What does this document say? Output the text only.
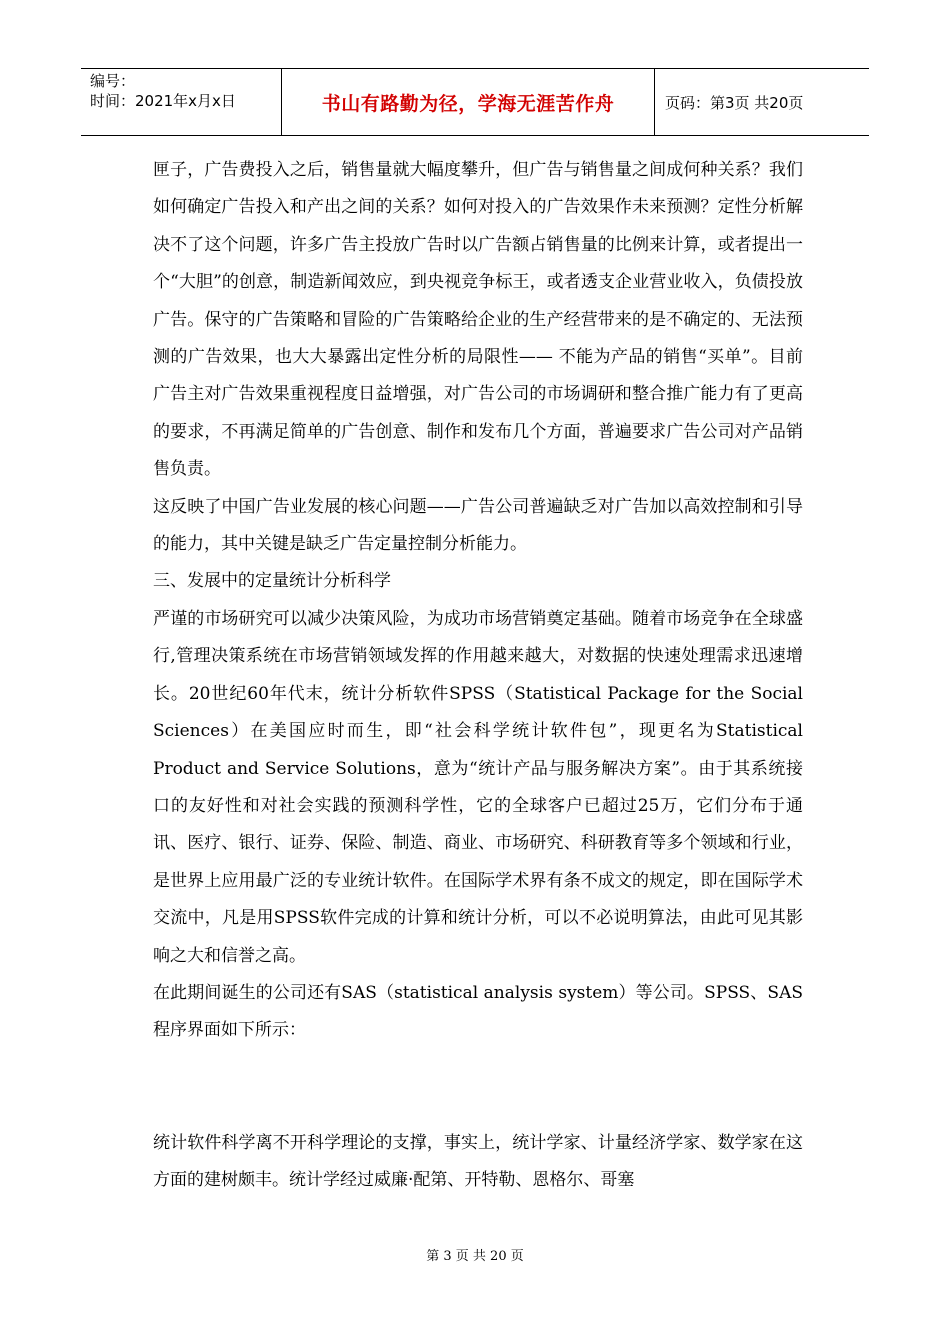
编号：
时间：2021年x月x日	书山有路勤为径，学海无涯苦作舟	页码：第3页 共20页

匣子，广告费投入之后，销售量就大幅度攀升，但广告与销售量之间成何种关系？我们如何确定广告投入和产出之间的关系？如何对投入的广告效果作未来预测？定性分析解决不了这个问题，许多广告主投放广告时以广告额占销售量的比例来计算，或者提出一个“大胆”的创意，制造新闻效应，到央视竞争标王，或者透支企业营业收入，负债投放广告。保守的广告策略和冒险的广告策略给企业的生产经营带来的是不确定的、无法预测的广告效果，也大大暴露出定性分析的局限性—— 不能为产品的销售“买单”。目前广告主对广告效果重视程度日益增强，对广告公司的市场调研和整合推广能力有了更高的要求，不再满足简单的广告创意、制作和发布几个方面，普遍要求广告公司对产品销售负责。

这反映了中国广告业发展的核心问题——广告公司普遍缺乏对广告加以高效控制和引导的能力，其中关键是缺乏广告定量控制分析能力。

三、发展中的定量统计分析科学

严谨的市场研究可以减少决策风险，为成功市场营销奠定基础。随着市场竞争在全球盛行,管理决策系统在市场营销领域发挥的作用越来越大，对数据的快速处理需求迅速增长。20世纪60年代末，统计分析软件SPSS（Statistical Package for the Social Sciences）在美国应时而生，即“社会科学统计软件包”，现更名为Statistical Product and Service Solutions，意为“统计产品与服务解决方案”。由于其系统接口的友好性和对社会实践的预测科学性，它的全球客户已超过25万，它们分布于通讯、医疗、银行、证券、保险、制造、商业、市场研究、科研教育等多个领域和行业，是世界上应用最广泛的专业统计软件。在国际学术界有条不成文的规定，即在国际学术交流中，凡是用SPSS软件完成的计算和统计分析，可以不必说明算法，由此可见其影响之大和信誉之高。

在此期间诞生的公司还有SAS（statistical analysis system）等公司。SPSS、SAS程序界面如下所示：

统计软件科学离不开科学理论的支撑，事实上，统计学家、计量经济学家、数学家在这方面的建树颇丰。统计学经过威廉·配第、开特勒、恩格尔、哥塞

第 3 页 共 20 页
